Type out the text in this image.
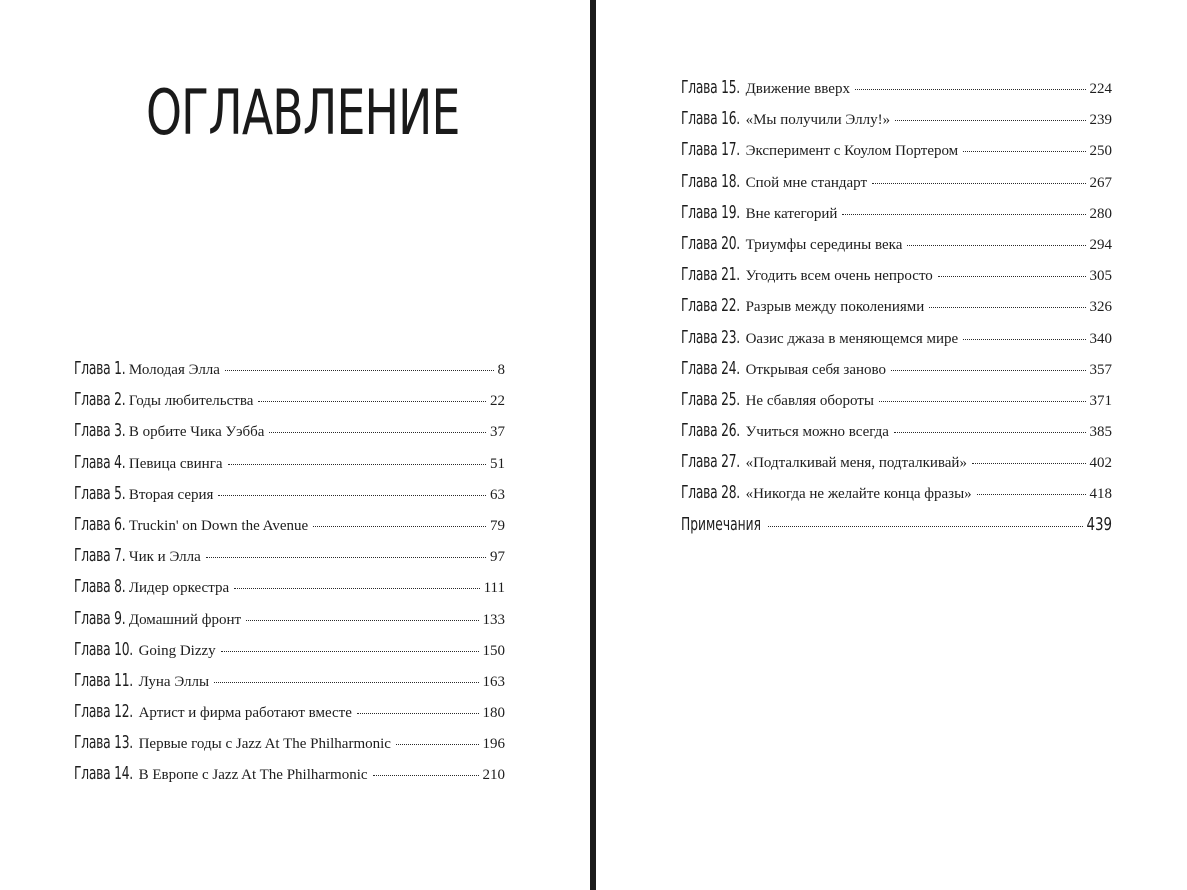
ОГЛАВЛЕНИЕ
Глава 1. Молодая Элла	8
Глава 2. Годы любительства	22
Глава 3. В орбите Чика Уэбба	37
Глава 4. Певица свинга	51
Глава 5. Вторая серия	63
Глава 6. Truckin' on Down the Avenue	79
Глава 7. Чик и Элла	97
Глава 8. Лидер оркестра	111
Глава 9. Домашний фронт	133
Глава 10. Going Dizzy	150
Глава 11. Луна Эллы	163
Глава 12. Артист и фирма работают вместе	180
Глава 13. Первые годы с Jazz At The Philharmonic	196
Глава 14. В Европе с Jazz At The Philharmonic	210
Глава 15. Движение вверх	224
Глава 16. «Мы получили Эллу!»	239
Глава 17. Эксперимент с Коулом Портером	250
Глава 18. Спой мне стандарт	267
Глава 19. Вне категорий	280
Глава 20. Триумфы середины века	294
Глава 21. Угодить всем очень непросто	305
Глава 22. Разрыв между поколениями	326
Глава 23. Оазис джаза в меняющемся мире	340
Глава 24. Открывая себя заново	357
Глава 25. Не сбавляя обороты	371
Глава 26. Учиться можно всегда	385
Глава 27. «Подталкивай меня, подталкивай»	402
Глава 28. «Никогда не желайте конца фразы»	418
Примечания	439
